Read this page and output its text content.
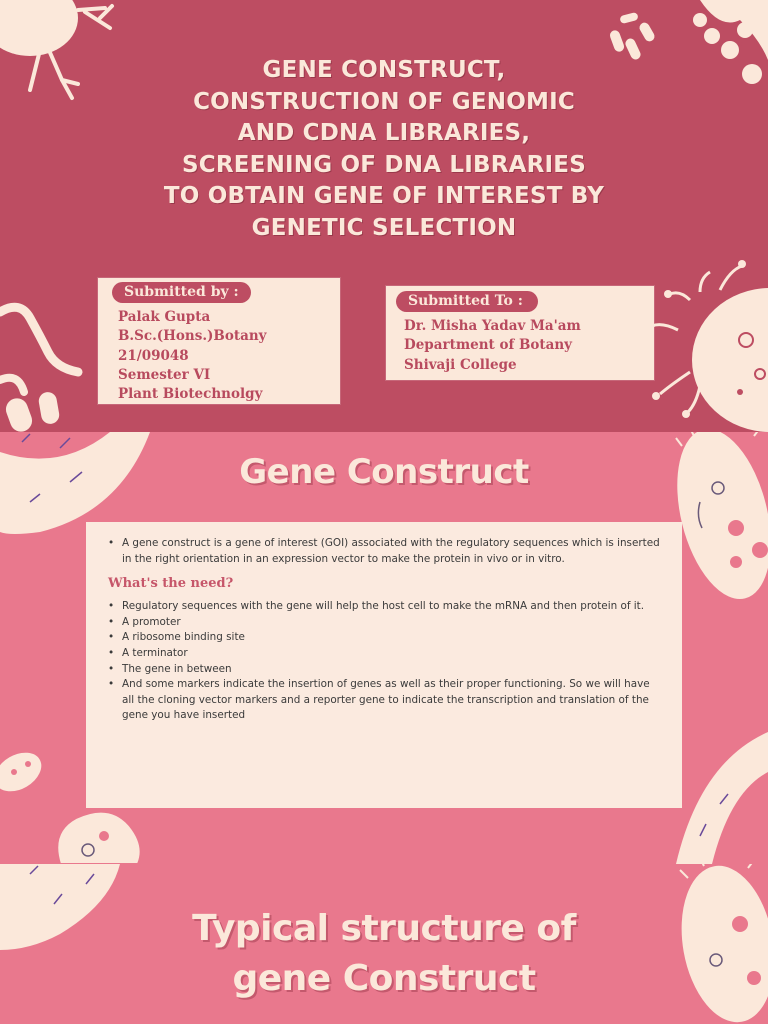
GENE CONSTRUCT,
CONSTRUCTION OF GENOMIC
AND CDNA LIBRARIES,
SCREENING OF DNA LIBRARIES
TO OBTAIN GENE OF INTEREST BY
GENETIC SELECTION
Submitted by :
Palak Gupta
B.Sc.(Hons.)Botany
21/09048
Semester VI
Plant Biotechnolgy
Submitted To :
Dr. Misha Yadav Ma'am
Department of Botany
Shivaji College
Gene Construct
• A gene construct is a gene of interest (GOI) associated with the regulatory sequences which is inserted in the right orientation in an expression vector to make the protein in vivo or in vitro.
What's the need?
• Regulatory sequences with the gene will help the host cell to make the mRNA and then protein of it.
• A promoter
• A ribosome binding site
• A terminator
• The gene in between
• And some markers indicate the insertion of genes as well as their proper functioning. So we will have all the cloning vector markers and a reporter gene to indicate the transcription and translation of the gene you have inserted
Typical structure of
gene Construct
